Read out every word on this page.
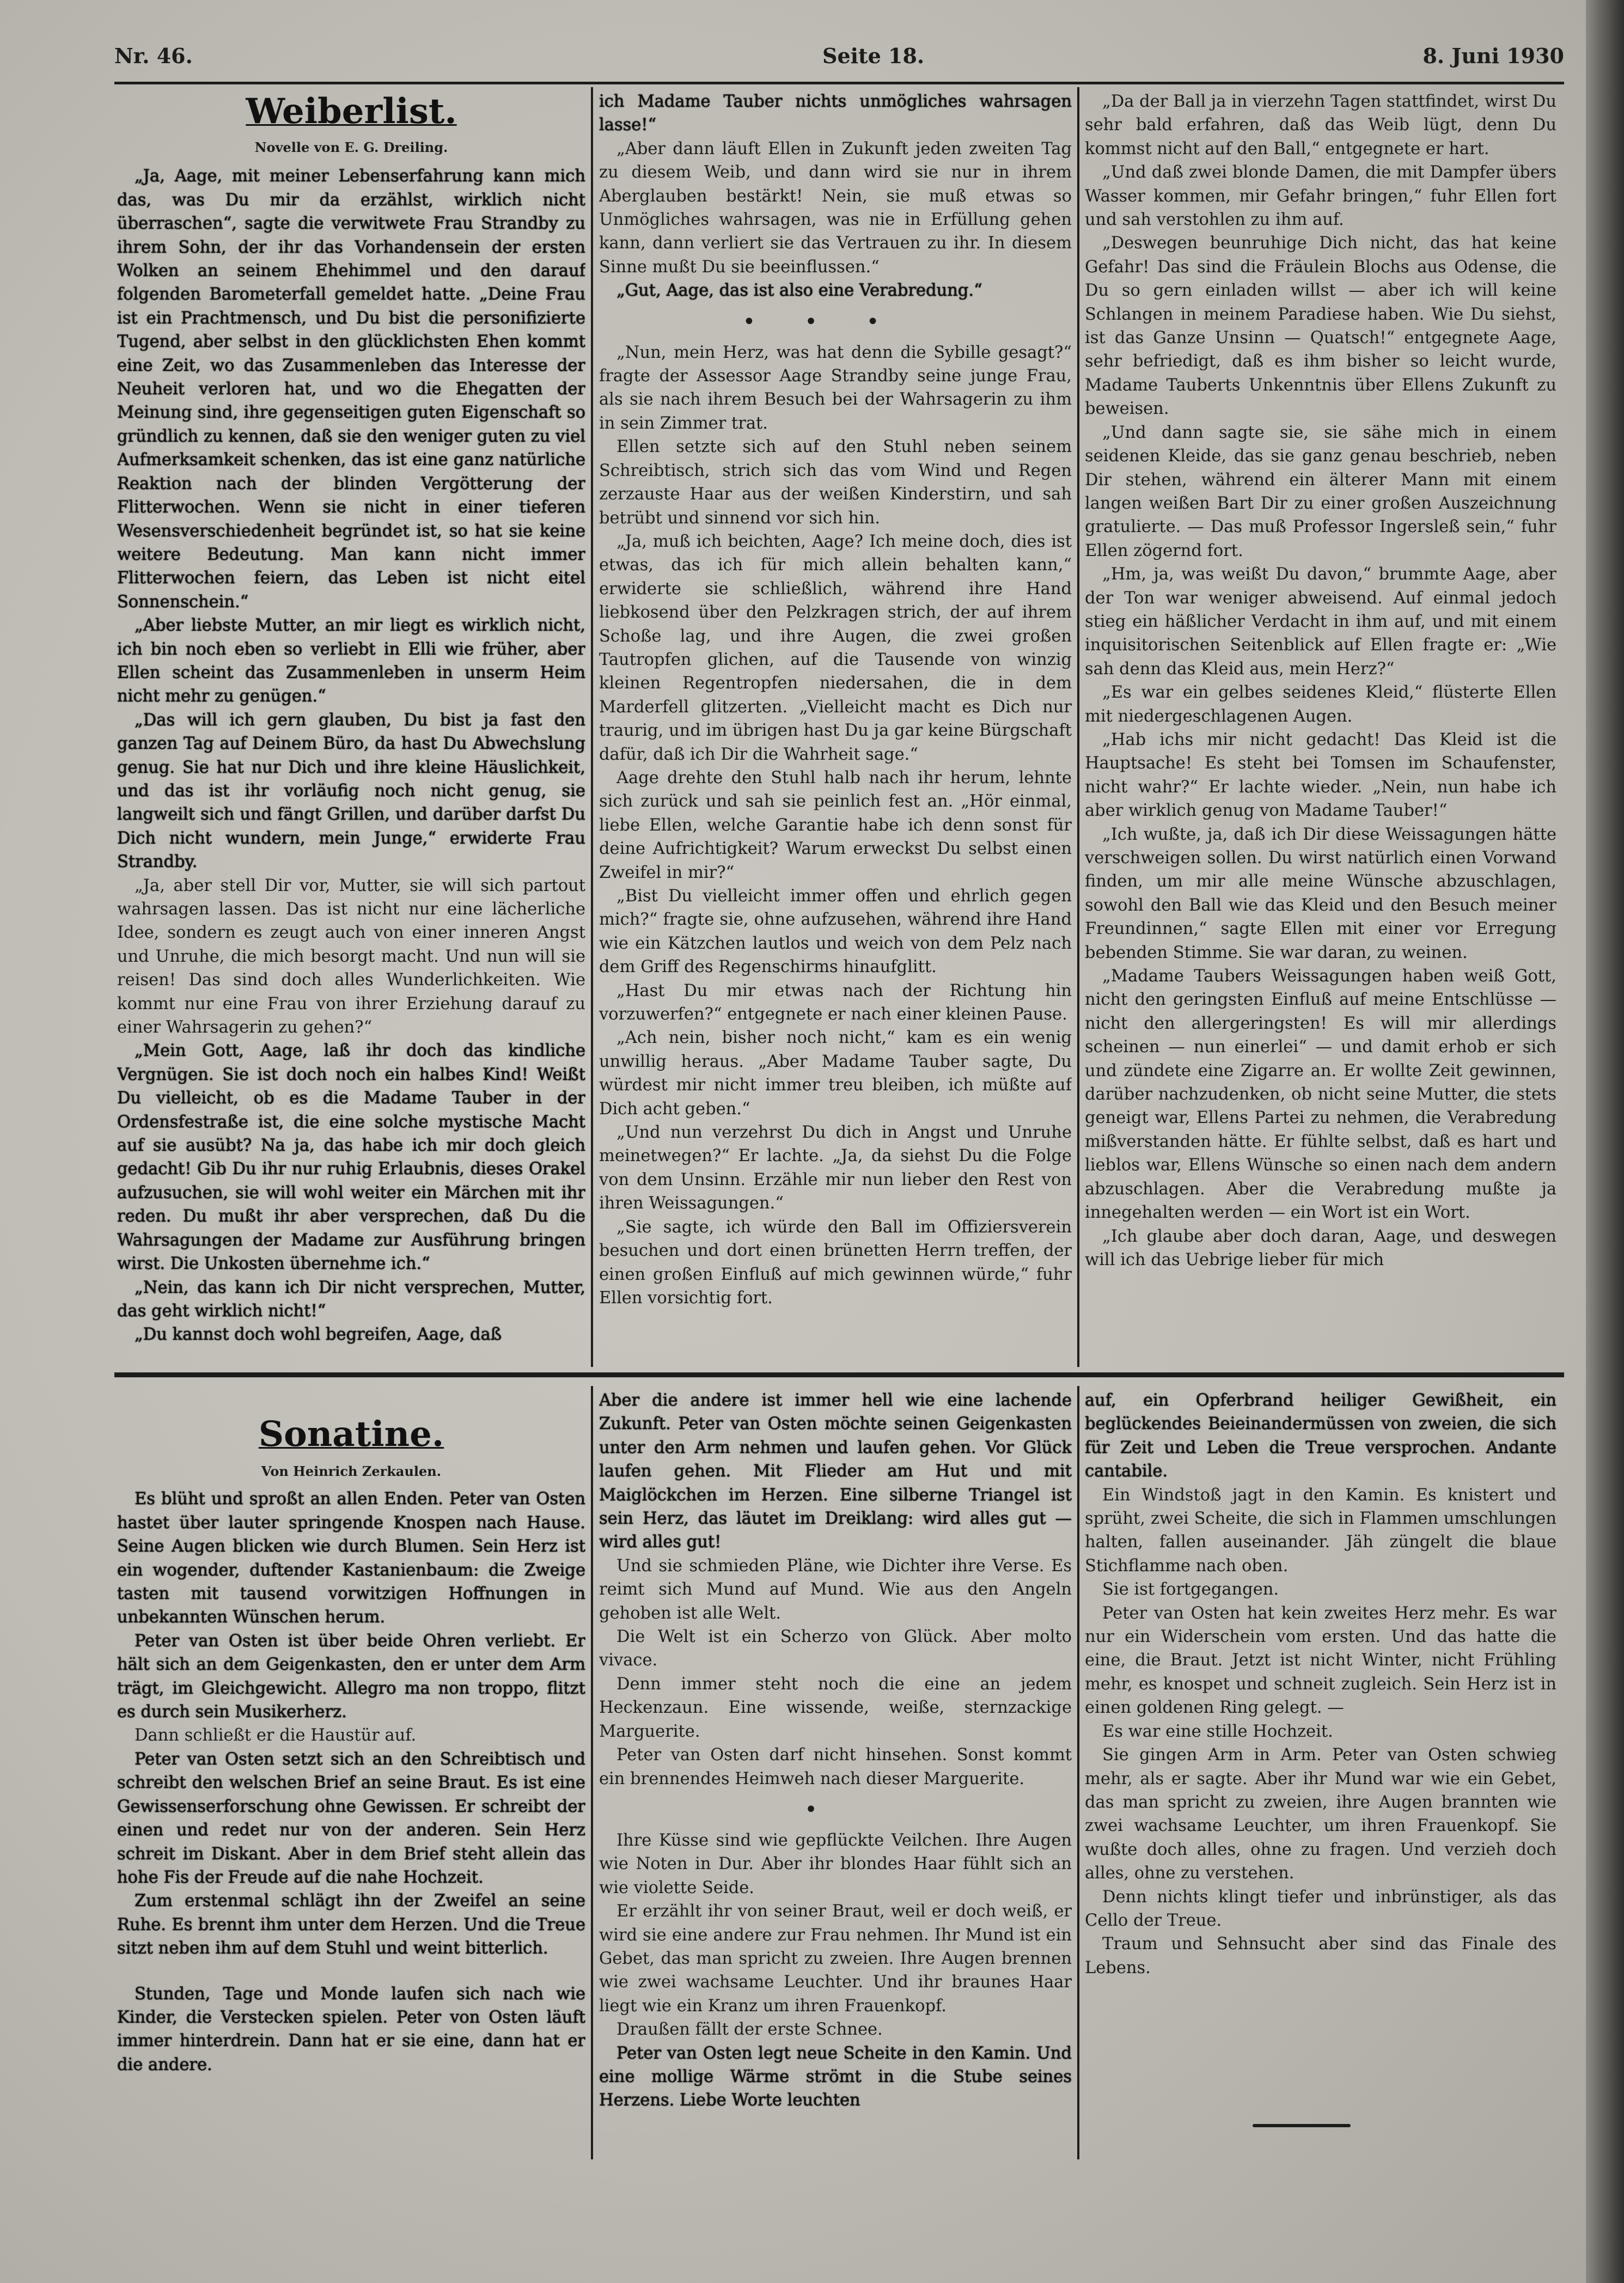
Nr. 46.	Seite 18.	8. Juni 1930
Weiberlist.
Novelle von E. G. Dreiling.

„Ja, Aage, mit meiner Lebenserfahrung kann mich das, was Du mir da erzählst, wirklich nicht überraschen“, sagte die verwitwete Frau Strandby zu ihrem Sohn, der ihr das Vorhandensein der ersten Wolken an seinem Ehehimmel und den darauf folgenden Barometerfall gemeldet hatte. „Deine Frau ist ein Prachtmensch, und Du bist die personifizierte Tugend, aber selbst in den glücklichsten Ehen kommt eine Zeit, wo das Zusammenleben das Interesse der Neuheit verloren hat, und wo die Ehegatten der Meinung sind, ihre gegenseitigen guten Eigenschaft so gründlich zu kennen, daß sie den weniger guten zu viel Aufmerksamkeit schenken, das ist eine ganz natürliche Reaktion nach der blinden Vergötterung der Flitterwochen. Wenn sie nicht in einer tieferen Wesensverschiedenheit begründet ist, so hat sie keine weitere Bedeutung. Man kann nicht immer Flitterwochen feiern, das Leben ist nicht eitel Sonnenschein.“

„Aber liebste Mutter, an mir liegt es wirklich nicht, ich bin noch eben so verliebt in Elli wie früher, aber Ellen scheint das Zusammenleben in unserm Heim nicht mehr zu genügen.“

„Das will ich gern glauben, Du bist ja fast den ganzen Tag auf Deinem Büro, da hast Du Abwechslung genug. Sie hat nur Dich und ihre kleine Häuslichkeit, und das ist ihr vorläufig noch nicht genug, sie langweilt sich und fängt Grillen, und darüber darfst Du Dich nicht wundern, mein Junge,“ erwiderte Frau Strandby.

„Ja, aber stell Dir vor, Mutter, sie will sich partout wahrsagen lassen. Das ist nicht nur eine lächerliche Idee, sondern es zeugt auch von einer inneren Angst und Unruhe, die mich besorgt macht. Und nun will sie reisen! Das sind doch alles Wunderlichkeiten. Wie kommt nur eine Frau von ihrer Erziehung darauf zu einer Wahrsagerin zu gehen?“

„Mein Gott, Aage, laß ihr doch das kindliche Vergnügen. Sie ist doch noch ein halbes Kind! Weißt Du vielleicht, ob es die Madame Tauber in der Ordensfestraße ist, die eine solche mystische Macht auf sie ausübt? Na ja, das habe ich mir doch gleich gedacht! Gib Du ihr nur ruhig Erlaubnis, dieses Orakel aufzusuchen, sie will wohl weiter ein Märchen mit ihr reden. Du mußt ihr aber versprechen, daß Du die Wahrsagungen der Madame zur Ausführung bringen wirst. Die Unkosten übernehme ich.“

„Nein, das kann ich Dir nicht versprechen, Mutter, das geht wirklich nicht!“

„Du kannst doch wohl begreifen, Aage, daß

ich Madame Tauber nichts unmögliches wahrsagen lasse!“

„Aber dann läuft Ellen in Zukunft jeden zweiten Tag zu diesem Weib, und dann wird sie nur in ihrem Aberglauben bestärkt! Nein, sie muß etwas so Unmögliches wahrsagen, was nie in Erfüllung gehen kann, dann verliert sie das Vertrauen zu ihr. In diesem Sinne mußt Du sie beeinflussen.“

„Gut, Aage, das ist also eine Verabredung.“

•••

„Nun, mein Herz, was hat denn die Sybille gesagt?“ fragte der Assessor Aage Strandby seine junge Frau, als sie nach ihrem Besuch bei der Wahrsagerin zu ihm in sein Zimmer trat.

Ellen setzte sich auf den Stuhl neben seinem Schreibtisch, strich sich das vom Wind und Regen zerzauste Haar aus der weißen Kinderstirn, und sah betrübt und sinnend vor sich hin.

„Ja, muß ich beichten, Aage? Ich meine doch, dies ist etwas, das ich für mich allein behalten kann,“ erwiderte sie schließlich, während ihre Hand liebkosend über den Pelzkragen strich, der auf ihrem Schoße lag, und ihre Augen, die zwei großen Tautropfen glichen, auf die Tausende von winzig kleinen Regentropfen niedersahen, die in dem Marderfell glitzerten. „Vielleicht macht es Dich nur traurig, und im übrigen hast Du ja gar keine Bürgschaft dafür, daß ich Dir die Wahrheit sage.“

Aage drehte den Stuhl halb nach ihr herum, lehnte sich zurück und sah sie peinlich fest an. „Hör einmal, liebe Ellen, welche Garantie habe ich denn sonst für deine Aufrichtigkeit? Warum erweckst Du selbst einen Zweifel in mir?“

„Bist Du vielleicht immer offen und ehrlich gegen mich?“ fragte sie, ohne aufzusehen, während ihre Hand wie ein Kätzchen lautlos und weich von dem Pelz nach dem Griff des Regenschirms hinaufglitt.

„Hast Du mir etwas nach der Richtung hin vorzuwerfen?“ entgegnete er nach einer kleinen Pause.

„Ach nein, bisher noch nicht,“ kam es ein wenig unwillig heraus. „Aber Madame Tauber sagte, Du würdest mir nicht immer treu bleiben, ich müßte auf Dich acht geben.“

„Und nun verzehrst Du dich in Angst und Unruhe meinetwegen?“ Er lachte. „Ja, da siehst Du die Folge von dem Unsinn. Erzähle mir nun lieber den Rest von ihren Weissagungen.“

„Sie sagte, ich würde den Ball im Offiziersverein besuchen und dort einen brünetten Herrn treffen, der einen großen Einfluß auf mich gewinnen würde,“ fuhr Ellen vorsichtig fort.

„Da der Ball ja in vierzehn Tagen stattfindet, wirst Du sehr bald erfahren, daß das Weib lügt, denn Du kommst nicht auf den Ball,“ entgegnete er hart.

„Und daß zwei blonde Damen, die mit Dampfer übers Wasser kommen, mir Gefahr bringen,“ fuhr Ellen fort und sah verstohlen zu ihm auf.

„Deswegen beunruhige Dich nicht, das hat keine Gefahr! Das sind die Fräulein Blochs aus Odense, die Du so gern einladen willst — aber ich will keine Schlangen in meinem Paradiese haben. Wie Du siehst, ist das Ganze Unsinn — Quatsch!“ entgegnete Aage, sehr befriedigt, daß es ihm bisher so leicht wurde, Madame Tauberts Unkenntnis über Ellens Zukunft zu beweisen.

„Und dann sagte sie, sie sähe mich in einem seidenen Kleide, das sie ganz genau beschrieb, neben Dir stehen, während ein älterer Mann mit einem langen weißen Bart Dir zu einer großen Auszeichnung gratulierte. — Das muß Professor Ingersleß sein,“ fuhr Ellen zögernd fort.

„Hm, ja, was weißt Du davon,“ brummte Aage, aber der Ton war weniger abweisend. Auf einmal jedoch stieg ein häßlicher Verdacht in ihm auf, und mit einem inquisitorischen Seitenblick auf Ellen fragte er: „Wie sah denn das Kleid aus, mein Herz?“

„Es war ein gelbes seidenes Kleid,“ flüsterte Ellen mit niedergeschlagenen Augen.

„Hab ichs mir nicht gedacht! Das Kleid ist die Hauptsache! Es steht bei Tomsen im Schaufenster, nicht wahr?“ Er lachte wieder. „Nein, nun habe ich aber wirklich genug von Madame Tauber!“

„Ich wußte, ja, daß ich Dir diese Weissagungen hätte verschweigen sollen. Du wirst natürlich einen Vorwand finden, um mir alle meine Wünsche abzuschlagen, sowohl den Ball wie das Kleid und den Besuch meiner Freundinnen,“ sagte Ellen mit einer vor Erregung bebenden Stimme. Sie war daran, zu weinen.

„Madame Taubers Weissagungen haben weiß Gott, nicht den geringsten Einfluß auf meine Entschlüsse — nicht den allergeringsten! Es will mir allerdings scheinen — nun einerlei“ — und damit erhob er sich und zündete eine Zigarre an. Er wollte Zeit gewinnen, darüber nachzudenken, ob nicht seine Mutter, die stets geneigt war, Ellens Partei zu nehmen, die Verabredung mißverstanden hätte. Er fühlte selbst, daß es hart und lieblos war, Ellens Wünsche so einen nach dem andern abzuschlagen. Aber die Verabredung mußte ja innegehalten werden — ein Wort ist ein Wort.

„Ich glaube aber doch daran, Aage, und deswegen will ich das Uebrige lieber für mich

Sonatine.
Von Heinrich Zerkaulen.

Es blüht und sproßt an allen Enden. Peter van Osten hastet über lauter springende Knospen nach Hause. Seine Augen blicken wie durch Blumen. Sein Herz ist ein wogender, duftender Kastanienbaum: die Zweige tasten mit tausend vorwitzigen Hoffnungen in unbekannten Wünschen herum.

Peter van Osten ist über beide Ohren verliebt. Er hält sich an dem Geigenkasten, den er unter dem Arm trägt, im Gleichgewicht. Allegro ma non troppo, flitzt es durch sein Musikerherz.

Dann schließt er die Haustür auf.

Peter van Osten setzt sich an den Schreibtisch und schreibt den welschen Brief an seine Braut. Es ist eine Gewissenserforschung ohne Gewissen. Er schreibt der einen und redet nur von der anderen. Sein Herz schreit im Diskant. Aber in dem Brief steht allein das hohe Fis der Freude auf die nahe Hochzeit.

Zum erstenmal schlägt ihn der Zweifel an seine Ruhe. Es brennt ihm unter dem Herzen. Und die Treue sitzt neben ihm auf dem Stuhl und weint bitterlich.

Stunden, Tage und Monde laufen sich nach wie Kinder, die Verstecken spielen. Peter von Osten läuft immer hinterdrein. Dann hat er sie eine, dann hat er die andere.

Aber die andere ist immer hell wie eine lachende Zukunft. Peter van Osten möchte seinen Geigenkasten unter den Arm nehmen und laufen gehen. Vor Glück laufen gehen. Mit Flieder am Hut und mit Maiglöckchen im Herzen. Eine silberne Triangel ist sein Herz, das läutet im Dreiklang: wird alles gut — wird alles gut!

Und sie schmieden Pläne, wie Dichter ihre Verse. Es reimt sich Mund auf Mund. Wie aus den Angeln gehoben ist alle Welt.

Die Welt ist ein Scherzo von Glück. Aber molto vivace.

Denn immer steht noch die eine an jedem Heckenzaun. Eine wissende, weiße, sternzackige Marguerite.

Peter van Osten darf nicht hinsehen. Sonst kommt ein brennendes Heimweh nach dieser Marguerite.

•

Ihre Küsse sind wie gepflückte Veilchen. Ihre Augen wie Noten in Dur. Aber ihr blondes Haar fühlt sich an wie violette Seide.

Er erzählt ihr von seiner Braut, weil er doch weiß, er wird sie eine andere zur Frau nehmen. Ihr Mund ist ein Gebet, das man spricht zu zweien. Ihre Augen brennen wie zwei wachsame Leuchter. Und ihr braunes Haar liegt wie ein Kranz um ihren Frauenkopf.

Draußen fällt der erste Schnee.

Peter van Osten legt neue Scheite in den Kamin. Und eine mollige Wärme strömt in die Stube seines Herzens. Liebe Worte leuchten

auf, ein Opferbrand heiliger Gewißheit, ein beglückendes Beieinandermüssen von zweien, die sich für Zeit und Leben die Treue versprochen. Andante cantabile.

Ein Windstoß jagt in den Kamin. Es knistert und sprüht, zwei Scheite, die sich in Flammen umschlungen halten, fallen auseinander. Jäh züngelt die blaue Stichflamme nach oben.

Sie ist fortgegangen.

Peter van Osten hat kein zweites Herz mehr. Es war nur ein Widerschein vom ersten. Und das hatte die eine, die Braut. Jetzt ist nicht Winter, nicht Frühling mehr, es knospet und schneit zugleich. Sein Herz ist in einen goldenen Ring gelegt. —

Es war eine stille Hochzeit.

Sie gingen Arm in Arm. Peter van Osten schwieg mehr, als er sagte. Aber ihr Mund war wie ein Gebet, das man spricht zu zweien, ihre Augen brannten wie zwei wachsame Leuchter, um ihren Frauenkopf. Sie wußte doch alles, ohne zu fragen. Und verzieh doch alles, ohne zu verstehen.

Denn nichts klingt tiefer und inbrünstiger, als das Cello der Treue.

Traum und Sehnsucht aber sind das Finale des Lebens.
